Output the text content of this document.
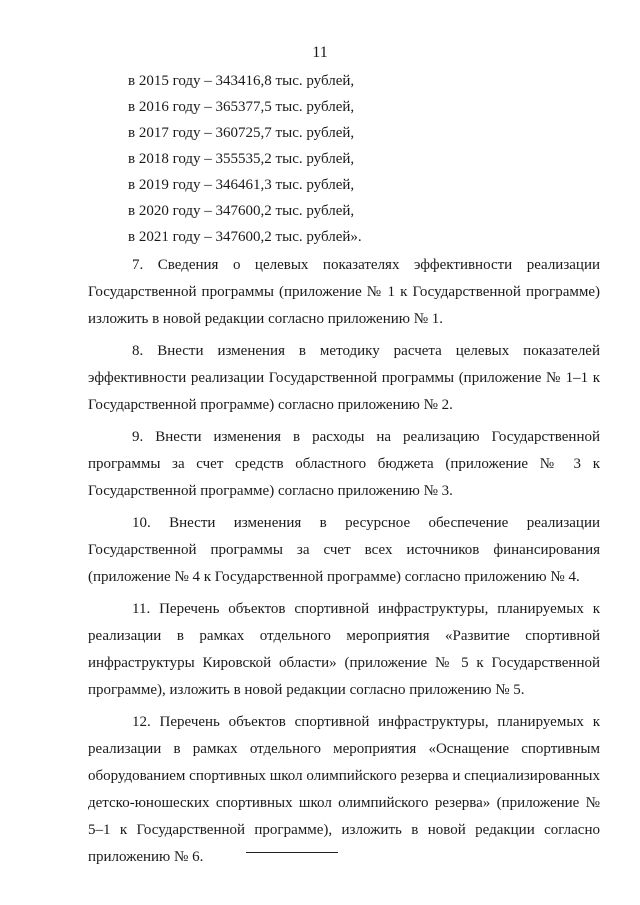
11
в 2015 году – 343416,8 тыс. рублей,
в 2016 году – 365377,5 тыс. рублей,
в 2017 году – 360725,7 тыс. рублей,
в 2018 году – 355535,2 тыс. рублей,
в 2019 году – 346461,3 тыс. рублей,
в 2020 году – 347600,2 тыс. рублей,
в 2021 году – 347600,2 тыс. рублей».

7. Сведения о целевых показателях эффективности реализации Государственной программы (приложение № 1 к Государственной программе) изложить в новой редакции согласно приложению № 1.

8. Внести изменения в методику расчета целевых показателей эффективности реализации Государственной программы (приложение № 1–1 к Государственной программе) согласно приложению № 2.

9. Внести изменения в расходы на реализацию Государственной программы за счет средств областного бюджета (приложение № 3 к Государственной программе) согласно приложению № 3.

10. Внести изменения в ресурсное обеспечение реализации Государственной программы за счет всех источников финансирования (приложение № 4 к Государственной программе) согласно приложению № 4.

11. Перечень объектов спортивной инфраструктуры, планируемых к реализации в рамках отдельного мероприятия «Развитие спортивной инфраструктуры Кировской области» (приложение № 5 к Государственной программе), изложить в новой редакции согласно приложению № 5.

12. Перечень объектов спортивной инфраструктуры, планируемых к реализации в рамках отдельного мероприятия «Оснащение спортивным оборудованием спортивных школ олимпийского резерва и специализированных детско-юношеских спортивных школ олимпийского резерва» (приложение № 5–1 к Государственной программе), изложить в новой редакции согласно приложению № 6.
